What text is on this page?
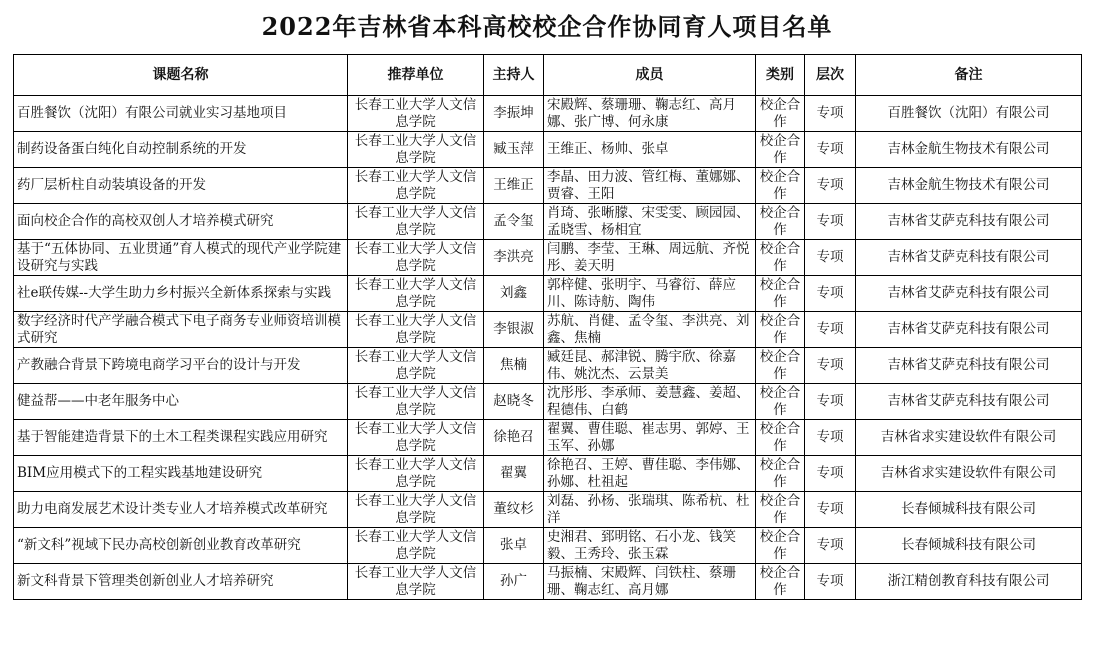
2022年吉林省本科高校校企合作协同育人项目名单
课题名称	推荐单位	主持人	成员	类别	层次	备注

百胜餐饮（沈阳）有限公司就业实习基地项目	长春工业大学人文信息学院	李振坤	宋殿辉、蔡珊珊、鞠志红、高月娜、张广博、何永康	校企合作	专项	百胜餐饮（沈阳）有限公司

制药设备蛋白纯化自动控制系统的开发	长春工业大学人文信息学院	臧玉萍	王维正、杨帅、张卓	校企合作	专项	吉林金航生物技术有限公司

药厂层析柱自动装填设备的开发	长春工业大学人文信息学院	王维正	李晶、田力波、管红梅、董娜娜、贾睿、王阳	校企合作	专项	吉林金航生物技术有限公司

面向校企合作的高校双创人才培养模式研究	长春工业大学人文信息学院	孟令玺	肖琦、张晰朦、宋雯雯、顾园园、孟晓雪、杨相宜	校企合作	专项	吉林省艾萨克科技有限公司

基于“五体协同、五业贯通”育人模式的现代产业学院建设研究与实践	长春工业大学人文信息学院	李洪亮	闫鹏、李莹、王琳、周远航、齐悦彤、姜天明	校企合作	专项	吉林省艾萨克科技有限公司

社e联传媒--大学生助力乡村振兴全新体系探索与实践	长春工业大学人文信息学院	刘鑫	郭梓健、张明宇、马睿衍、薛应川、陈诗舫、陶伟	校企合作	专项	吉林省艾萨克科技有限公司

数字经济时代产学融合模式下电子商务专业师资培训模式研究	长春工业大学人文信息学院	李银淑	苏航、肖健、孟令玺、李洪亮、刘鑫、焦楠	校企合作	专项	吉林省艾萨克科技有限公司

产教融合背景下跨境电商学习平台的设计与开发	长春工业大学人文信息学院	焦楠	臧廷昆、郝津锐、腾宇欣、徐嘉伟、姚沈杰、云景美	校企合作	专项	吉林省艾萨克科技有限公司

健益帮——中老年服务中心	长春工业大学人文信息学院	赵晓冬	沈彤彤、李承师、姜慧鑫、姜超、程德伟、白鹤	校企合作	专项	吉林省艾萨克科技有限公司

基于智能建造背景下的土木工程类课程实践应用研究	长春工业大学人文信息学院	徐艳召	翟翼、曹佳聪、崔志男、郭婷、王玉军、孙娜	校企合作	专项	吉林省求实建设软件有限公司

BIM应用模式下的工程实践基地建设研究	长春工业大学人文信息学院	翟翼	徐艳召、王婷、曹佳聪、李伟娜、孙娜、杜祖起	校企合作	专项	吉林省求实建设软件有限公司

助力电商发展艺术设计类专业人才培养模式改革研究	长春工业大学人文信息学院	董纹杉	刘磊、孙杨、张瑞琪、陈希杭、杜洋	校企合作	专项	长春倾城科技有限公司

“新文科”视域下民办高校创新创业教育改革研究	长春工业大学人文信息学院	张卓	史湘君、郅明铭、石小龙、钱笑毅、王秀玲、张玉霖	校企合作	专项	长春倾城科技有限公司

新文科背景下管理类创新创业人才培养研究	长春工业大学人文信息学院	孙广	马振楠、宋殿辉、闫铁柱、蔡珊珊、鞠志红、高月娜	校企合作	专项	浙江精创教育科技有限公司
